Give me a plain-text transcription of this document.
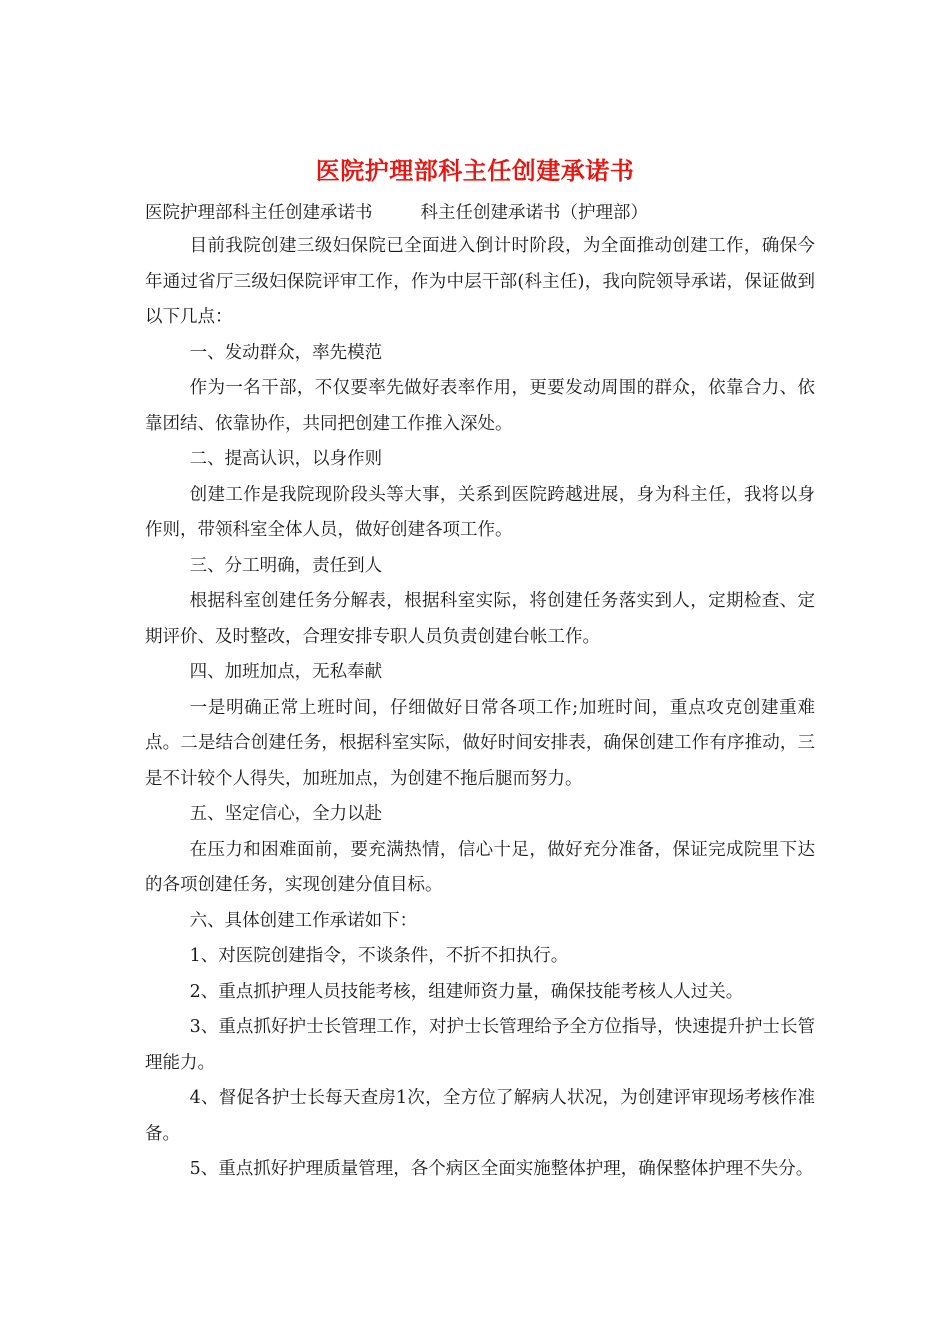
医院护理部科主任创建承诺书
医院护理部科主任创建承诺书	科主任创建承诺书（护理部）

目前我院创建三级妇保院已全面进入倒计时阶段，为全面推动创建工作，确保今年通过省厅三级妇保院评审工作，作为中层干部(科主任)，我向院领导承诺，保证做到以下几点：

一、发动群众，率先模范

作为一名干部，不仅要率先做好表率作用，更要发动周围的群众，依靠合力、依靠团结、依靠协作，共同把创建工作推入深处。

二、提高认识，以身作则

创建工作是我院现阶段头等大事，关系到医院跨越进展，身为科主任，我将以身作则，带领科室全体人员，做好创建各项工作。

三、分工明确，责任到人

根据科室创建任务分解表，根据科室实际，将创建任务落实到人，定期检查、定期评价、及时整改，合理安排专职人员负责创建台帐工作。

四、加班加点，无私奉献

一是明确正常上班时间，仔细做好日常各项工作;加班时间，重点攻克创建重难点。二是结合创建任务，根据科室实际，做好时间安排表，确保创建工作有序推动，三是不计较个人得失，加班加点，为创建不拖后腿而努力。

五、坚定信心，全力以赴

在压力和困难面前，要充满热情，信心十足，做好充分准备，保证完成院里下达的各项创建任务，实现创建分值目标。

六、具体创建工作承诺如下：

1、对医院创建指令，不谈条件，不折不扣执行。

2、重点抓护理人员技能考核，组建师资力量，确保技能考核人人过关。

3、重点抓好护士长管理工作，对护士长管理给予全方位指导，快速提升护士长管理能力。

4、督促各护士长每天查房1次，全方位了解病人状况，为创建评审现场考核作准备。

5、重点抓好护理质量管理，各个病区全面实施整体护理，确保整体护理不失分。
